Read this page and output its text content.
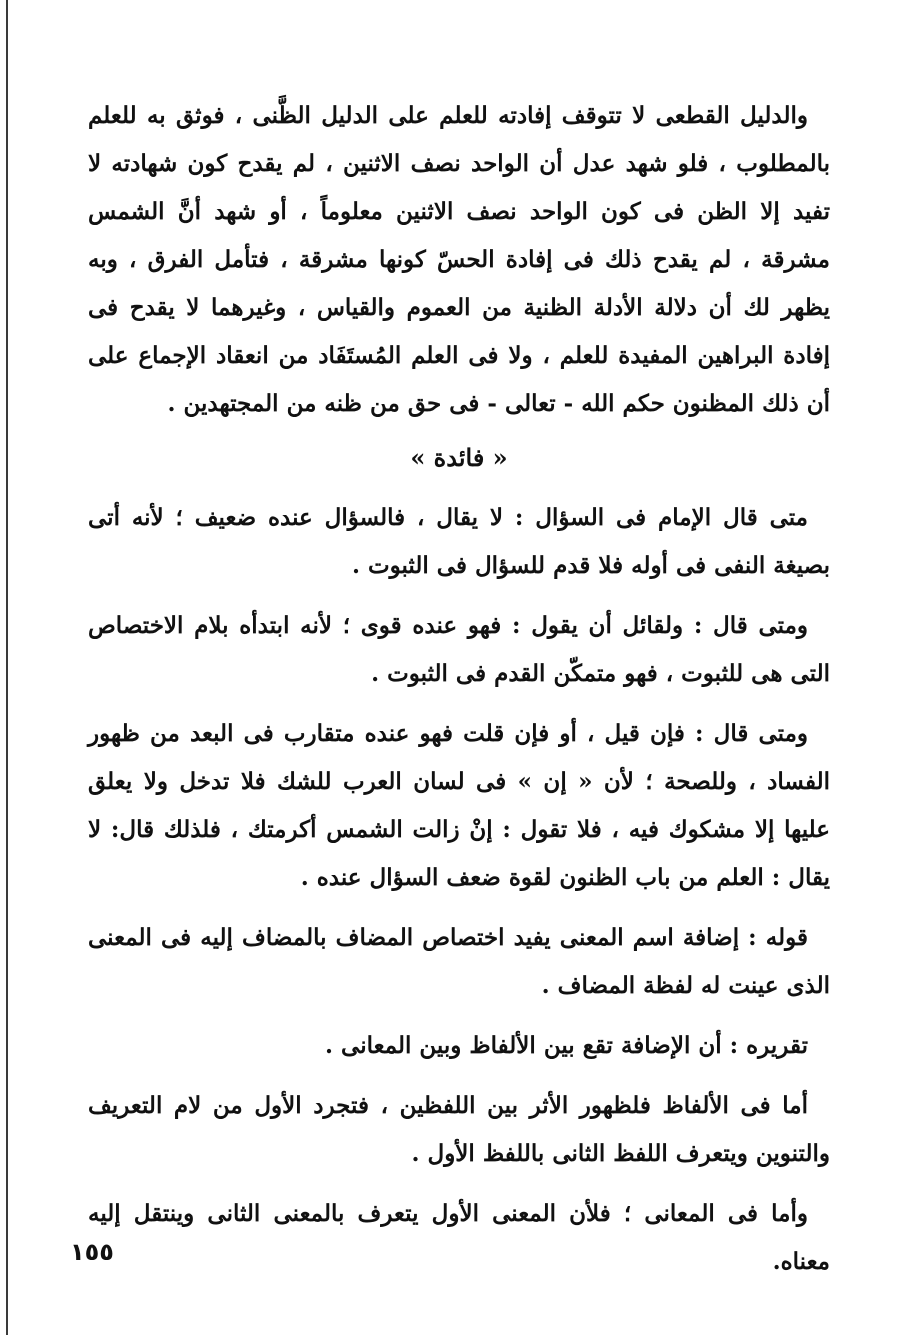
والدليل القطعى لا تتوقف إفادته للعلم على الدليل الظَّنى ، فوثق به للعلم بالمطلوب ، فلو شهد عدل أن الواحد نصف الاثنين ، لم يقدح كون شهادته لا تفيد إلا الظن فى كون الواحد نصف الاثنين معلوماً ، أو شهد أنَّ الشمس مشرقة ، لم يقدح ذلك فى إفادة الحسّ كونها مشرقة ، فتأمل الفرق ، وبه يظهر لك أن دلالة الأدلة الظنية من العموم والقياس ، وغيرهما لا يقدح فى إفادة البراهين المفيدة للعلم ، ولا فى العلم المُستَفَاد من انعقاد الإجماع على أن ذلك المظنون حكم الله - تعالى - فى حق من ظنه من المجتهدين .

« فائدة »

متى قال الإمام فى السؤال : لا يقال ، فالسؤال عنده ضعيف ؛ لأنه أتى بصيغة النفى فى أوله فلا قدم للسؤال فى الثبوت .

ومتى قال : ولقائل أن يقول : فهو عنده قوى ؛ لأنه ابتدأه بلام الاختصاص التى هى للثبوت ، فهو متمكّن القدم فى الثبوت .

ومتى قال : فإن قيل ، أو فإن قلت فهو عنده متقارب فى البعد من ظهور الفساد ، وللصحة ؛ لأن « إن » فى لسان العرب للشك فلا تدخل ولا يعلق عليها إلا مشكوك فيه ، فلا تقول : إنْ زالت الشمس أكرمتك ، فلذلك قال: لا يقال : العلم من باب الظنون لقوة ضعف السؤال عنده .

قوله : إضافة اسم المعنى يفيد اختصاص المضاف بالمضاف إليه فى المعنى الذى عينت له لفظة المضاف .

تقريره : أن الإضافة تقع بين الألفاظ وبين المعانى .

أما فى الألفاظ فلظهور الأثر بين اللفظين ، فتجرد الأول من لام التعريف والتنوين ويتعرف اللفظ الثانى باللفظ الأول .

وأما فى المعانى ؛ فلأن المعنى الأول يتعرف بالمعنى الثانى وينتقل إليه معناه.

١٥٥
